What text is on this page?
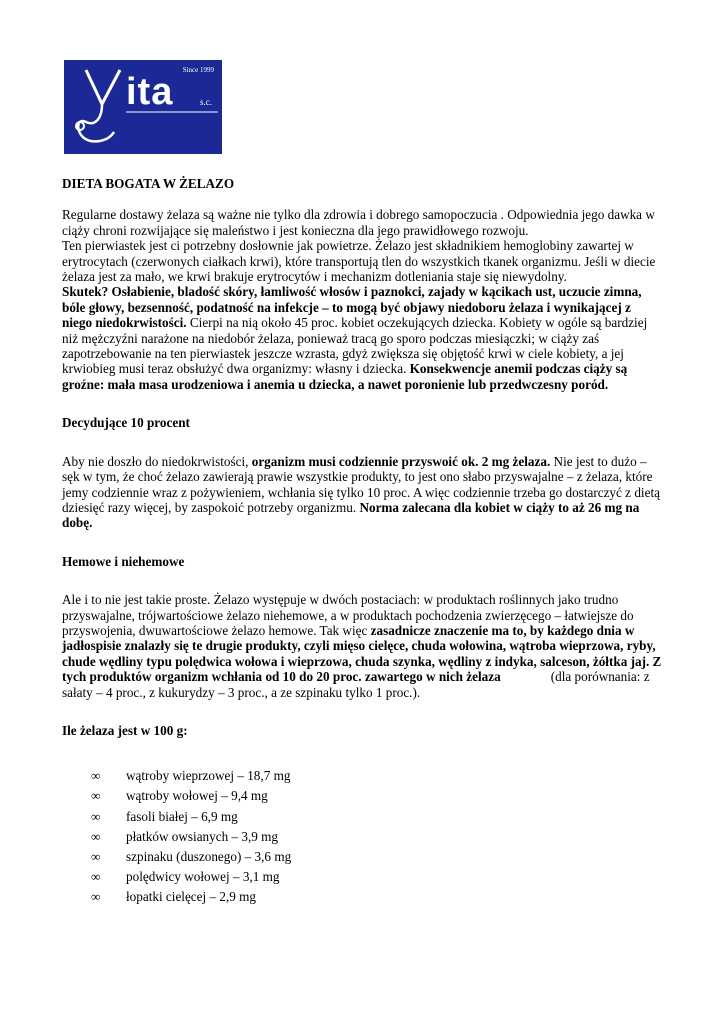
Since 1999
ita	s.c.

DIETA BOGATA W ŻELAZO

Regularne dostawy żelaza są ważne nie tylko dla zdrowia i dobrego samopoczucia . Odpowiednia jego dawka w ciąży chroni rozwijające się maleństwo i jest konieczna dla jego prawidłowego rozwoju.

Ten pierwiastek jest ci potrzebny dosłownie jak powietrze. Żelazo jest składnikiem hemoglobiny zawartej w erytrocytach (czerwonych ciałkach krwi), które transportują tlen do wszystkich tkanek organizmu. Jeśli w diecie żelaza jest za mało, we krwi brakuje erytrocytów i mechanizm dotleniania staje się niewydolny.

Skutek? Osłabienie, bladość skóry, łamliwość włosów i paznokci, zajady w kącikach ust, uczucie zimna, bóle głowy, bezsenność, podatność na infekcje – to mogą być objawy niedoboru żelaza i wynikającej z niego niedokrwistości. Cierpi na nią około 45 proc. kobiet oczekujących dziecka. Kobiety w ogóle są bardziej niż mężczyźni narażone na niedobór żelaza, ponieważ tracą go sporo podczas miesiączki; w ciąży zaś zapotrzebowanie na ten pierwiastek jeszcze wzrasta, gdyż zwiększa się objętość krwi w ciele kobiety, a jej krwiobieg musi teraz obsłużyć dwa organizmy: własny i dziecka. Konsekwencje anemii podczas ciąży są groźne: mała masa urodzeniowa i anemia u dziecka, a nawet poronienie lub przedwczesny poród.

Decydujące 10 procent

Aby nie doszło do niedokrwistości, organizm musi codziennie przyswoić ok. 2 mg żelaza. Nie jest to dużo – sęk w tym, że choć żelazo zawierają prawie wszystkie produkty, to jest ono słabo przyswajalne – z żelaza, które jemy codziennie wraz z pożywieniem, wchłania się tylko 10 proc. A więc codziennie trzeba go dostarczyć z dietą dziesięć razy więcej, by zaspokoić potrzeby organizmu. Norma zalecana dla kobiet w ciąży to aż 26 mg na dobę.

Hemowe i niehemowe

Ale i to nie jest takie proste. Żelazo występuje w dwóch postaciach: w produktach roślinnych jako trudno przyswajalne, trójwartościowe żelazo niehemowe, a w produktach pochodzenia zwierzęcego – łatwiejsze do przyswojenia, dwuwartościowe żelazo hemowe. Tak więc zasadnicze znaczenie ma to, by każdego dnia w jadłospisie znalazły się te drugie produkty, czyli mięso cielęce, chuda wołowina, wątroba wieprzowa, ryby, chude wędliny typu polędwica wołowa i wieprzowa, chuda szynka, wędliny z indyka, salceson, żółtka jaj. Z tych produktów organizm wchłania od 10 do 20 proc. zawartego w nich żelaza	(dla porównania: z sałaty – 4 proc., z kukurydzy – 3 proc., a ze szpinaku tylko 1 proc.).

Ile żelaza jest w 100 g:

∞ wątroby wieprzowej – 18,7 mg
∞ wątroby wołowej – 9,4 mg
∞ fasoli białej – 6,9 mg
∞ płatków owsianych – 3,9 mg
∞ szpinaku (duszonego) – 3,6 mg
∞ polędwicy wołowej – 3,1 mg
∞ łopatki cielęcej – 2,9 mg
